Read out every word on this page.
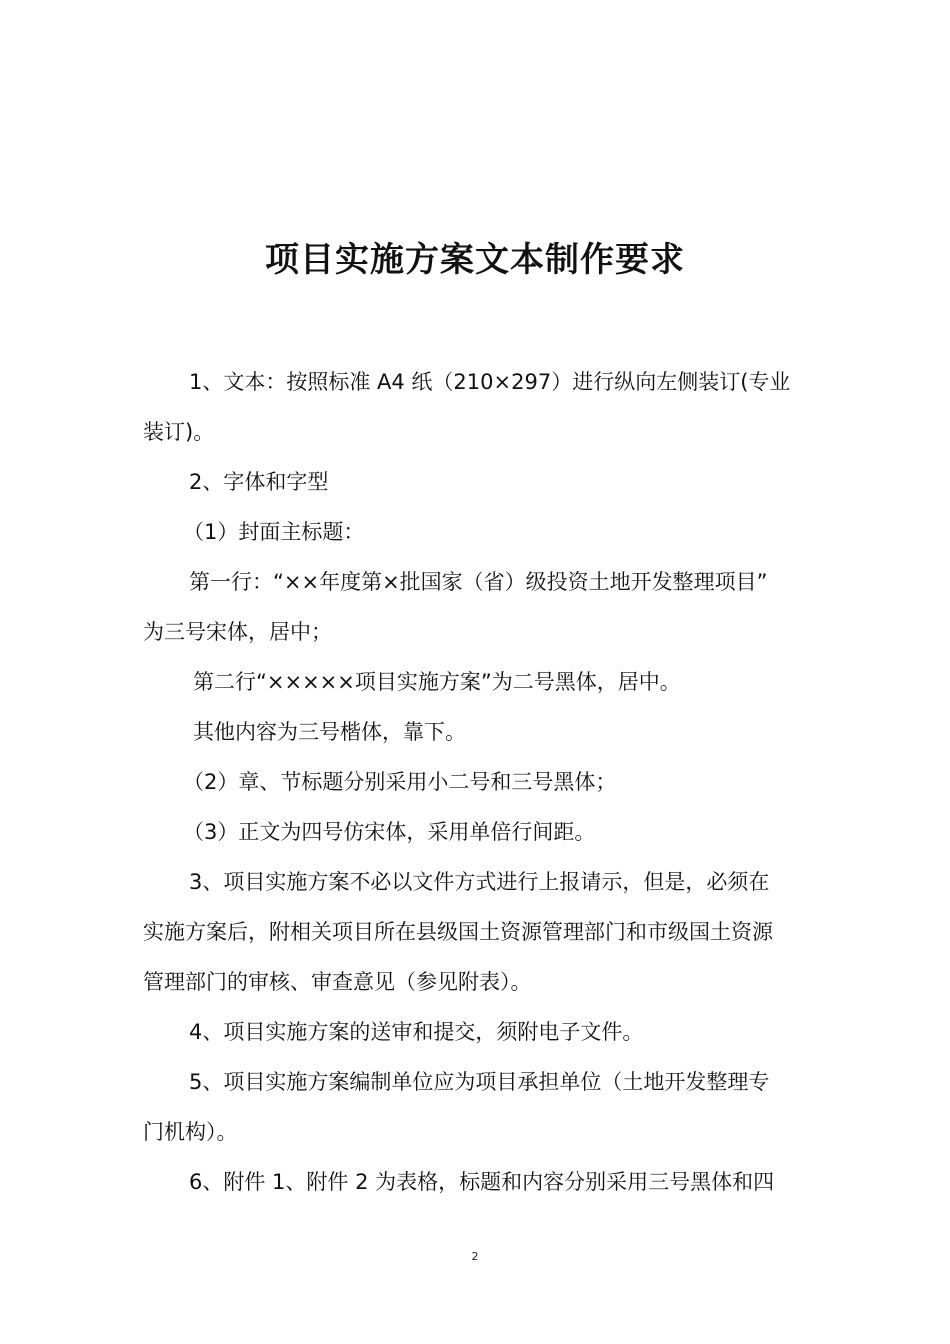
项目实施方案文本制作要求
1、文本：按照标准 A4 纸（210×297）进行纵向左侧装订(专业
装订)。
2、字体和字型
（1）封面主标题：
第一行：“××年度第×批国家（省）级投资土地开发整理项目”
为三号宋体，居中；
第二行“×××××项目实施方案”为二号黑体，居中。
其他内容为三号楷体，靠下。
（2）章、节标题分别采用小二号和三号黑体；
（3）正文为四号仿宋体，采用单倍行间距。
3、项目实施方案不必以文件方式进行上报请示，但是，必须在
实施方案后，附相关项目所在县级国土资源管理部门和市级国土资源
管理部门的审核、审查意见（参见附表）。
4、项目实施方案的送审和提交，须附电子文件。
5、项目实施方案编制单位应为项目承担单位（土地开发整理专
门机构）。
6、附件 1、附件 2 为表格，标题和内容分别采用三号黑体和四
2
